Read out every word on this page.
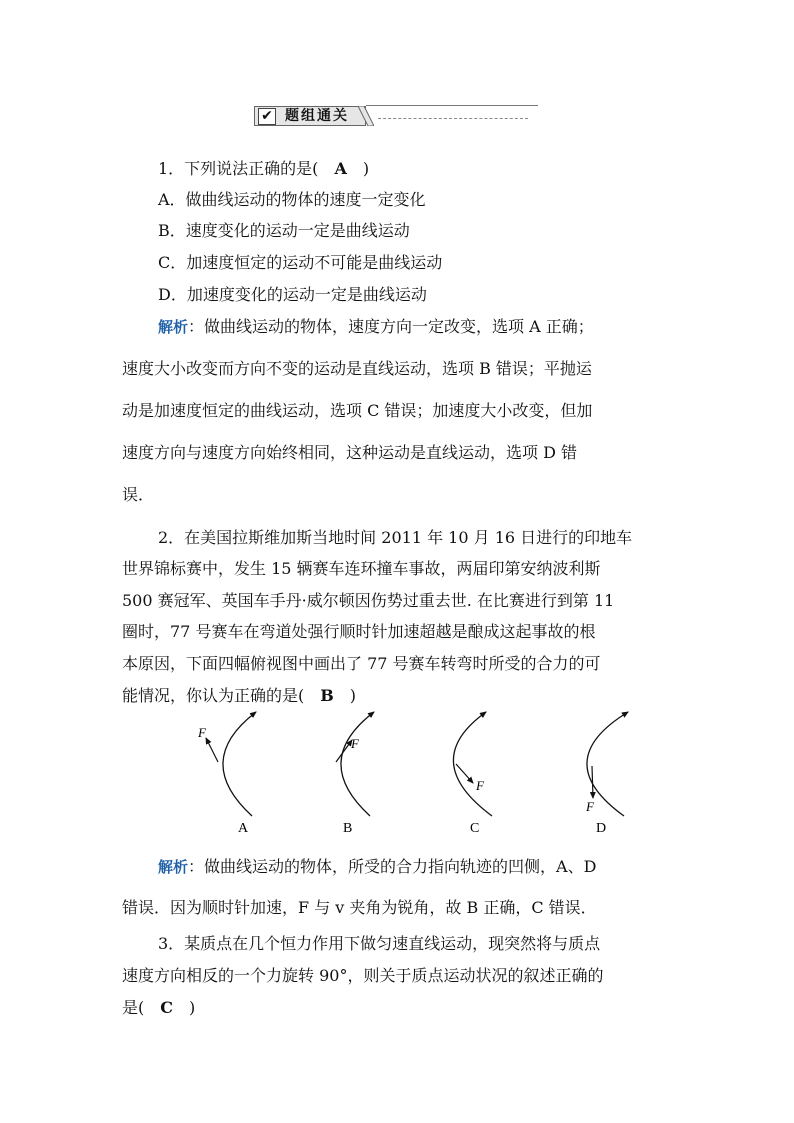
✔ 题组通关
1．下列说法正确的是(　A　)
A．做曲线运动的物体的速度一定变化
B．速度变化的运动一定是曲线运动
C．加速度恒定的运动不可能是曲线运动
D．加速度变化的运动一定是曲线运动
解析：做曲线运动的物体，速度方向一定改变，选项 A 正确；
速度大小改变而方向不变的运动是直线运动，选项 B 错误；平抛运
动是加速度恒定的曲线运动，选项 C 错误；加速度大小改变，但加
速度方向与速度方向始终相同，这种运动是直线运动，选项 D 错
误．
2．在美国拉斯维加斯当地时间 2011 年 10 月 16 日进行的印地车
世界锦标赛中，发生 15 辆赛车连环撞车事故，两届印第安纳波利斯
500 赛冠军、英国车手丹·威尔顿因伤势过重去世. 在比赛进行到第 11
圈时，77 号赛车在弯道处强行顺时针加速超越是酿成这起事故的根
本原因，下面四幅俯视图中画出了 77 号赛车转弯时所受的合力的可
能情况，你认为正确的是(　B　)
F
A
F
B
F
C
F
D
解析：做曲线运动的物体，所受的合力指向轨迹的凹侧，A、D
错误．因为顺时针加速，F 与 v 夹角为锐角，故 B 正确，C 错误．
3．某质点在几个恒力作用下做匀速直线运动，现突然将与质点
速度方向相反的一个力旋转 90°，则关于质点运动状况的叙述正确的
是(　C　)
